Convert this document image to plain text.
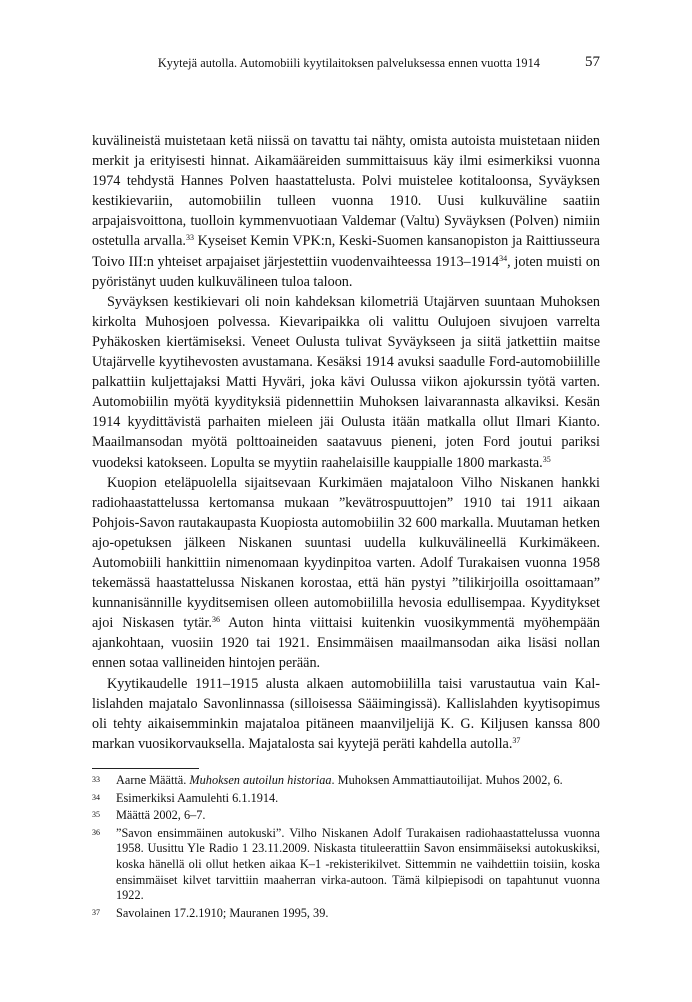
Kyytejä autolla. Automobiili kyytilaitoksen palveluksessa ennen vuotta 1914	57

kuvälineistä muistetaan ketä niissä on tavattu tai nähty, omista autoista muistetaan niiden merkit ja erityisesti hinnat. Aikamääreiden summittaisuus käy ilmi esimerkiksi vuonna 1974 tehdystä Hannes Polven haastattelusta. Polvi muistelee kotitaloonsa, Syväyksen kestikievariin, automobiilin tulleen vuonna 1910. Uusi kulkuväline saatiin arpajaisvoittona, tuolloin kymmenvuotiaan Valdemar (Valtu) Syväyksen (Polven) nimiin ostetulla arvalla.$^{33}$ Kyseiset Kemin VPK:n, Keski-Suomen kansanopiston ja Raittiusseura Toivo III:n yhteiset arpajaiset järjestettiin vuodenvaihteessa 1913–1914$^{34}$, joten muisti on pyöristänyt uuden kulkuvälineen tuloa taloon.

Syväyksen kestikievari oli noin kahdeksan kilometriä Utajärven suuntaan Muhoksen kirkolta Muhosjoen polvessa. Kievaripaikka oli valittu Oulujoen sivujoen varrelta Pyhäkosken kiertämiseksi. Veneet Oulusta tulivat Syväykseen ja siitä jatkettiin maitse Utajärvelle kyytihevosten avustamana. Kesäksi 1914 avuksi saadulle Ford-automobiilille palkattiin kuljettajaksi Matti Hyväri, joka kävi Oulussa viikon ajokurssin työtä varten. Automobiilin myötä kyydityksiä pidennettiin Muhoksen laivarannasta alkaviksi. Kesän 1914 kyydittävistä parhaiten mieleen jäi Oulusta itään matkalla ollut Ilmari Kianto. Maailmansodan myötä polttoaineiden saatavuus pieneni, joten Ford joutui pariksi vuodeksi katokseen. Lopulta se myytiin raahelaisille kauppialle 1800 markasta.$^{35}$

Kuopion eteläpuolella sijaitsevaan Kurkimäen majataloon Vilho Niskanen hankki radiohaastattelussa kertomansa mukaan ”kevätrospuuttojen” 1910 tai 1911 aikaan Pohjois-Savon rautakaupasta Kuopiosta automobiilin 32 600 markalla. Muutaman hetken ajo-opetuksen jälkeen Niskanen suuntasi uudella kulkuvälineellä Kurkimäkeen. Automobiili hankittiin nimenomaan kyydinpitoa varten. Adolf Turakaisen vuonna 1958 tekemässä haastattelussa Niskanen korostaa, että hän pystyi ”tilikirjoilla osoittamaan” kunnanisännille kyyditsemisen olleen automobiililla hevosia edullisempaa. Kyyditykset ajoi Niskasen tytär.$^{36}$ Auton hinta viittaisi kuitenkin vuosikymmentä myöhempään ajankohtaan, vuosiin 1920 tai 1921. Ensimmäisen maailmansodan aika lisäsi nollan ennen sotaa vallineiden hintojen perään.

Kyytikaudelle 1911–1915 alusta alkaen automobiililla taisi varustautua vain Kallislahden majatalo Savonlinnassa (silloisessa Sääimingissä). Kallislahden kyytisopimus oli tehty aikaisemminkin majataloa pitäneen maanviljelijä K. G. Kiljusen kanssa 800 markan vuosikorvauksella. Majatalosta sai kyytejä peräti kahdella autolla.$^{37}$

33	Aarne Määttä. Muhoksen autoilun historiaa. Muhoksen Ammattiautoilijat. Muhos 2002, 6.
34	Esimerkiksi Aamulehti 6.1.1914.
35	Määttä 2002, 6–7.
36	”Savon ensimmäinen autokuski”. Vilho Niskanen Adolf Turakaisen radiohaastattelussa vuonna 1958. Uusittu Yle Radio 1 23.11.2009. Niskasta tituleerattiin Savon ensimmäiseksi autokuskiksi, koska hänellä oli ollut hetken aikaa K–1 -rekisterikilvet. Sittemmin ne vaihdettiin toisiin, koska ensimmäiset kilvet tarvittiin maaherran virka-autoon. Tämä kilpiepisodi on tapahtunut vuonna 1922.
37	Savolainen 17.2.1910; Mauranen 1995, 39.
